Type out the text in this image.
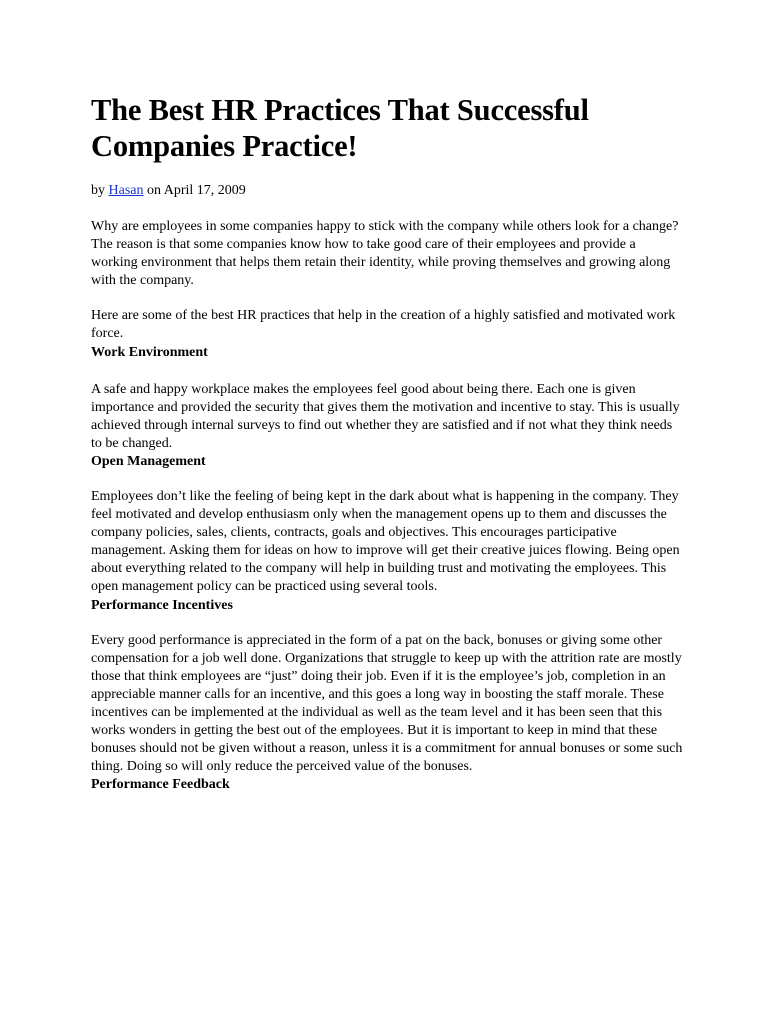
The Best HR Practices That Successful Companies Practice!
by Hasan on April 17, 2009

Why are employees in some companies happy to stick with the company while others look for a change? The reason is that some companies know how to take good care of their employees and provide a working environment that helps them retain their identity, while proving themselves and growing along with the company.

Here are some of the best HR practices that help in the creation of a highly satisfied and motivated work force.

Work Environment

A safe and happy workplace makes the employees feel good about being there. Each one is given importance and provided the security that gives them the motivation and incentive to stay. This is usually achieved through internal surveys to find out whether they are satisfied and if not what they think needs to be changed.

Open Management

Employees don’t like the feeling of being kept in the dark about what is happening in the company. They feel motivated and develop enthusiasm only when the management opens up to them and discusses the company policies, sales, clients, contracts, goals and objectives. This encourages participative management. Asking them for ideas on how to improve will get their creative juices flowing. Being open about everything related to the company will help in building trust and motivating the employees. This open management policy can be practiced using several tools.

Performance Incentives

Every good performance is appreciated in the form of a pat on the back, bonuses or giving some other compensation for a job well done. Organizations that struggle to keep up with the attrition rate are mostly those that think employees are “just” doing their job. Even if it is the employee’s job, completion in an appreciable manner calls for an incentive, and this goes a long way in boosting the staff morale. These incentives can be implemented at the individual as well as the team level and it has been seen that this works wonders in getting the best out of the employees. But it is important to keep in mind that these bonuses should not be given without a reason, unless it is a commitment for annual bonuses or some such thing. Doing so will only reduce the perceived value of the bonuses.

Performance Feedback
